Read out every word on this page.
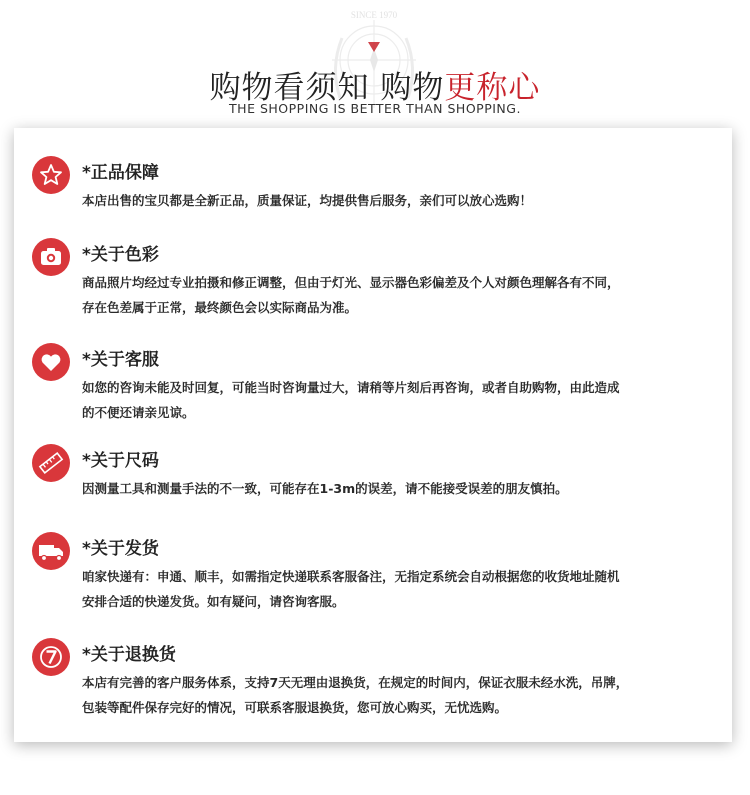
SINCE 1970
购物看须知 购物更称心
THE SHOPPING IS BETTER THAN SHOPPING.
*正品保障
本店出售的宝贝都是全新正品，质量保证，均提供售后服务，亲们可以放心选购！
*关于色彩
商品照片均经过专业拍摄和修正调整，但由于灯光、显示器色彩偏差及个人对颜色理解各有不同，
存在色差属于正常，最终颜色会以实际商品为准。
*关于客服
如您的咨询未能及时回复，可能当时咨询量过大，请稍等片刻后再咨询，或者自助购物，由此造成
的不便还请亲见谅。
*关于尺码
因测量工具和测量手法的不一致，可能存在1-3m的误差，请不能接受误差的朋友慎拍。
*关于发货
咱家快递有：申通、顺丰，如需指定快递联系客服备注，无指定系统会自动根据您的收货地址随机
安排合适的快递发货。如有疑问，请咨询客服。
*关于退换货
本店有完善的客户服务体系，支持7天无理由退换货，在规定的时间内，保证衣服未经水洗，吊牌，
包装等配件保存完好的情况，可联系客服退换货，您可放心购买，无忧选购。
